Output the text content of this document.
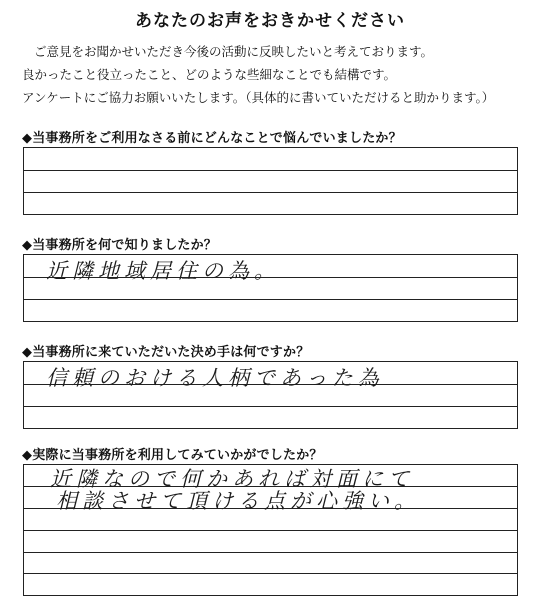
あなたのお声をおきかせください

ご意見をお聞かせいただき今後の活動に反映したいと考えております。

良かったこと役立ったこと、どのような些細なことでも結構です。

アンケートにご協力お願いいたします。（具体的に書いていただけると助かります。）

◆当事務所をご利用なさる前にどんなことで悩んでいましたか？
◆当事務所を何で知りましたか？
近隣地域居住の為。
◆当事務所に来ていただいた決め手は何ですか？
信頼のおける人柄であった為
◆実際に当事務所を利用してみていかがでしたか？
近隣なので何かあれば対面にて
相談させて頂ける点が心強い。
